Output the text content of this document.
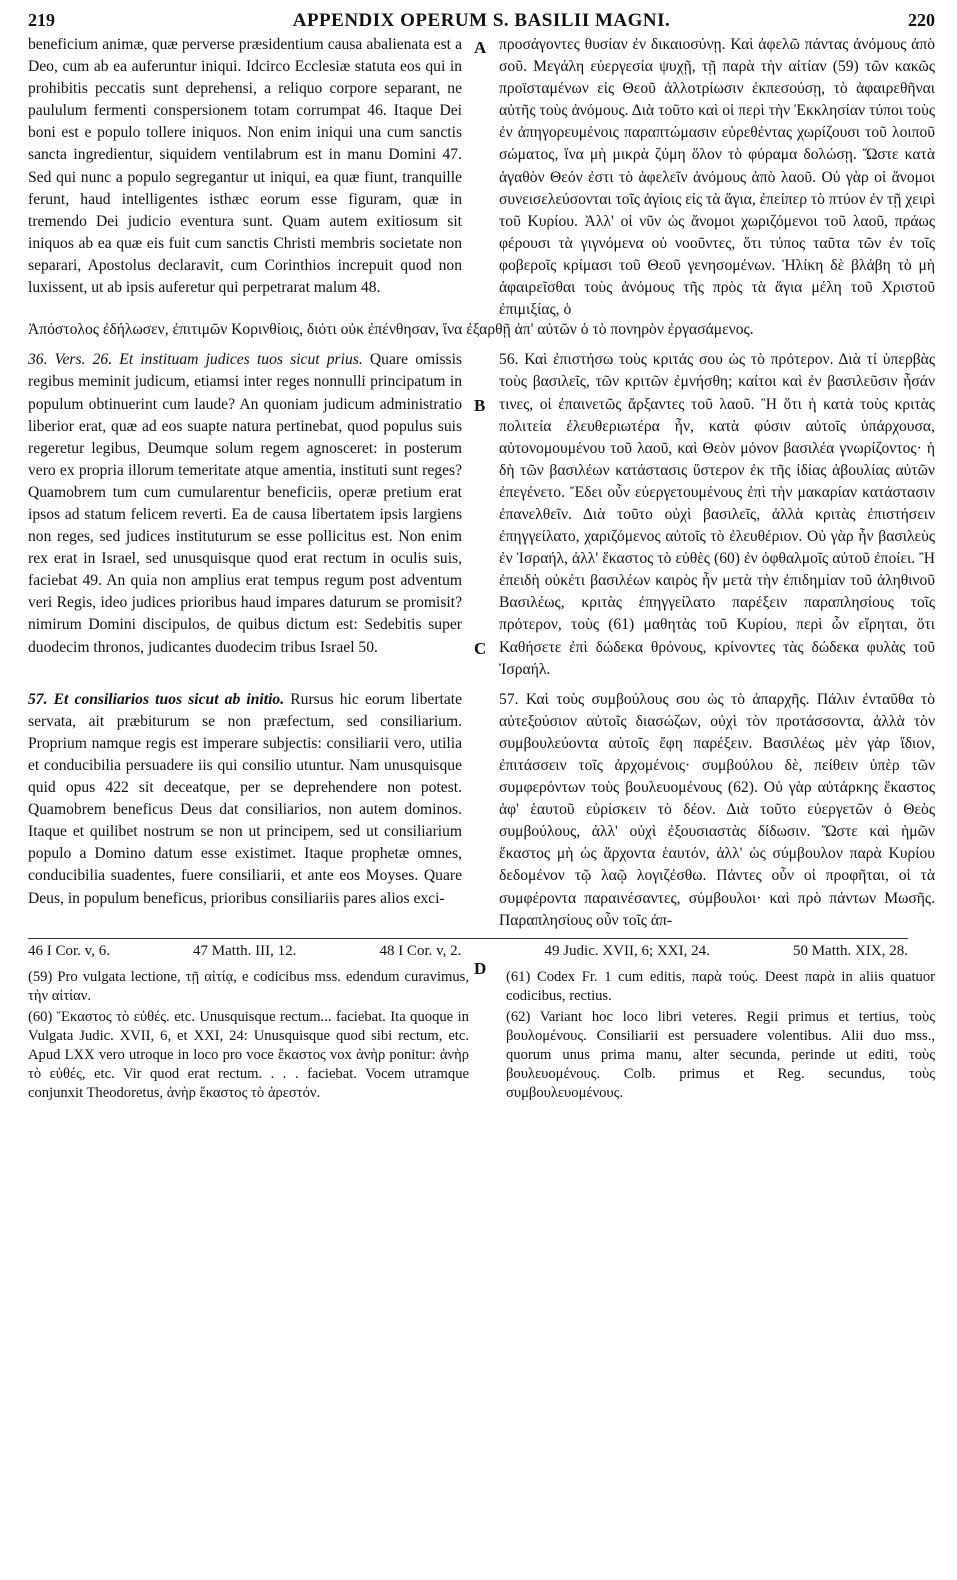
219	APPENDIX OPERUM S. BASILII MAGNI.	220
A
B

beneficium animæ, quæ perverse præsidentium causa abalienata est a Deo, cum ab ea auferuntur iniqui. Idcirco Ecclesiæ statuta eos qui in prohibitis peccatis sunt deprehensi, a reliquo corpore separant, ne paululum fermenti conspersionem totam corrumpat 46. Itaque Dei boni est e populo tollere iniquos. Non enim iniqui una cum sanctis sancta ingredientur, siquidem ventilabrum est in manu Domini 47. Sed qui nunc a populo segregantur ut iniqui, ea quæ fiunt, tranquille ferunt, haud intelligentes isthæc eorum esse figuram, quæ in tremendo Dei judicio eventura sunt. Quam autem exitiosum sit iniquos ab ea quæ eis fuit cum sanctis Christi membris societate non separari, Apostolus declaravit, cum Corinthios increpuit quod non luxissent, ut ab ipsis auferetur qui perpetrarat malum 48.

προσάγοντες θυσίαν ἐν δικαιοσύνῃ. Καὶ ἀφελῶ πάντας ἀνόμους ἀπὸ σοῦ. Μεγάλη εὐεργεσία ψυχῇ, τῇ παρὰ τὴν αἰτίαν (59) τῶν κακῶς προϊσταμένων εἰς Θεοῦ ἀλλοτρίωσιν ἐκπεσούσῃ, τὸ ἀφαιρεθῆναι αὐτῆς τοὺς ἀνόμους. Διὰ τοῦτο καὶ οἱ περὶ τὴν Ἐκκλησίαν τύποι τοὺς ἐν ἀπηγορευμένοις παραπτώμασιν εὑρεθέντας χωρίζουσι τοῦ λοιποῦ σώματος, ἵνα μὴ μικρὰ ζύμη ὅλον τὸ φύραμα δολώσῃ. Ὥστε κατὰ ἀγαθὸν Θεόν ἐστι τὸ ἀφελεῖν ἀνόμους ἀπὸ λαοῦ. Οὐ γὰρ οἱ ἄνομοι συνεισελεύσονται τοῖς ἁγίοις εἰς τὰ ἅγια, ἐπείπερ τὸ πτύον ἐν τῇ χειρὶ τοῦ Κυρίου. Ἀλλ' οἱ νῦν ὡς ἄνομοι χωριζόμενοι τοῦ λαοῦ, πράως φέρουσι τὰ γιγνόμενα οὐ νοοῦντες, ὅτι τύπος ταῦτα τῶν ἐν τοῖς φοβεροῖς κρίμασι τοῦ Θεοῦ γενησομένων. Ἡλίκη δὲ βλάβη τὸ μὴ ἀφαιρεῖσθαι τοὺς ἀνόμους τῆς πρὸς τὰ ἅγια μέλη τοῦ Χριστοῦ ἐπιμιξίας, ὁ

Ἀπόστολος ἐδήλωσεν, ἐπιτιμῶν Κορινθίοις, διότι οὐκ ἐπένθησαν, ἵνα ἐξαρθῇ ἀπ' αὐτῶν ὁ τὸ πονηρὸν ἐργασάμενος.
C

36. Vers. 26. Et instituam judices tuos sicut prius. Quare omissis regibus meminit judicum, etiamsi inter reges nonnulli principatum in populum obtinuerint cum laude? An quoniam judicum administratio liberior erat, quæ ad eos suapte natura pertinebat, quod populus suis regeretur legibus, Deumque solum regem agnosceret: in posterum vero ex propria illorum temeritate atque amentia, instituti sunt reges? Quamobrem tum cum cumularentur beneficiis, operæ pretium erat ipsos ad statum felicem reverti. Ea de causa libertatem ipsis largiens non reges, sed judices instituturum se esse pollicitus est. Non enim rex erat in Israel, sed unusquisque quod erat rectum in oculis suis, faciebat 49. An quia non amplius erat tempus regum post adventum veri Regis, ideo judices prioribus haud impares daturum se promisit? nimirum Domini discipulos, de quibus dictum est: Sedebitis super duodecim thronos, judicantes duodecim tribus Israel 50.

56. Καὶ ἐπιστήσω τοὺς κριτάς σου ὡς τὸ πρότερον. Διὰ τί ὑπερβὰς τοὺς βασιλεῖς, τῶν κριτῶν ἐμνήσθη; καίτοι καὶ ἐν βασιλεῦσιν ἦσάν τινες, οἱ ἐπαινετῶς ἄρξαντες τοῦ λαοῦ. Ἢ ὅτι ἡ κατὰ τοὺς κριτὰς πολιτεία ἐλευθεριωτέρα ἦν, κατὰ φύσιν αὐτοῖς ὑπάρχουσα, αὐτονομουμένου τοῦ λαοῦ, καὶ Θεὸν μόνον βασιλέα γνωρίζοντος· ἡ δὴ τῶν βασιλέων κατάστασις ὕστερον ἐκ τῆς ἰδίας ἀβουλίας αὐτῶν ἐπεγένετο. Ἔδει οὖν εὐεργετουμένους ἐπὶ τὴν μακαρίαν κατάστασιν ἐπανελθεῖν. Διὰ τοῦτο οὐχὶ βασιλεῖς, ἀλλὰ κριτὰς ἐπιστήσειν ἐπηγγείλατο, χαριζόμενος αὐτοῖς τὸ ἐλευθέριον. Οὐ γὰρ ἦν βασιλεὺς ἐν Ἰσραήλ, ἀλλ' ἕκαστος τὸ εὐθὲς (60) ἐν ὀφθαλμοῖς αὐτοῦ ἐποίει. Ἢ ἐπειδὴ οὐκέτι βασιλέων καιρὸς ἦν μετὰ τὴν ἐπιδημίαν τοῦ ἀληθινοῦ Βασιλέως, κριτὰς ἐπηγγείλατο παρέξειν παραπλησίους τοῖς πρότερον, τοὺς (61) μαθητὰς τοῦ Κυρίου, περὶ ὧν εἴρηται, ὅτι Καθήσετε ἐπὶ δώδεκα θρόνους, κρίνοντες τὰς δώδεκα φυλὰς τοῦ Ἰσραήλ.

D

57. Et consiliarios tuos sicut ab initio. Rursus hic eorum libertate servata, ait præbiturum se non præfectum, sed consiliarium. Proprium namque regis est imperare subjectis: consiliarii vero, utilia et conducibilia persuadere iis qui consilio utuntur. Nam unusquisque quid opus 422 sit deceatque, per se deprehendere non potest. Quamobrem beneficus Deus dat consiliarios, non autem dominos. Itaque et quilibet nostrum se non ut principem, sed ut consiliarium populo a Domino datum esse existimet. Itaque prophetæ omnes, conducibilia suadentes, fuere consiliarii, et ante eos Moyses. Quare Deus, in populum beneficus, prioribus consiliariis pares alios exci-

57. Καὶ τοὺς συμβούλους σου ὡς τὸ ἀπαρχῆς. Πάλιν ἐνταῦθα τὸ αὐτεξούσιον αὐτοῖς διασώζων, οὐχὶ τὸν προτάσσοντα, ἀλλὰ τὸν συμβουλεύοντα αὐτοῖς ἔφη παρέξειν. Βασιλέως μὲν γὰρ ἴδιον, ἐπιτάσσειν τοῖς ἀρχομένοις· συμβούλου δὲ, πείθειν ὑπὲρ τῶν συμφερόντων τοὺς βουλευομένους (62). Οὐ γὰρ αὐτάρκης ἕκαστος ἀφ' ἑαυτοῦ εὑρίσκειν τὸ δέον. Διὰ τοῦτο εὐεργετῶν ὁ Θεὸς συμβούλους, ἀλλ' οὐχὶ ἐξουσιαστὰς δίδωσιν. Ὥστε καὶ ἡμῶν ἕκαστος μὴ ὡς ἄρχοντα ἑαυτόν, ἀλλ' ὡς σύμβουλον παρὰ Κυρίου δεδομένον τῷ λαῷ λογιζέσθω. Πάντες οὖν οἱ προφῆται, οἱ τὰ συμφέροντα παραινέσαντες, σύμβουλοι· καὶ πρὸ πάντων Μωσῆς. Παραπλησίους οὖν τοῖς ἀπ-

46 I Cor. v, 6.	47 Matth. III, 12.	48 I Cor. v, 2.	49 Judic. XVII, 6; XXI, 24.	50 Matth. XIX, 28.

(59) Pro vulgata lectione, τῇ αἰτίᾳ, e codicibus mss. edendum curavimus, τὴν αἰτίαν.

(60) Ἕκαστος τὸ εὐθές. etc. Unusquisque rectum... faciebat. Ita quoque in Vulgata Judic. XVII, 6, et XXI, 24: Unusquisque quod sibi rectum, etc. Apud LXX vero utroque in loco pro voce ἕκαστος vox ἀνὴρ ponitur: ἀνὴρ τὸ εὐθές, etc. Vir quod erat rectum. . . . faciebat. Vocem utramque conjunxit Theodoretus, ἀνὴρ ἕκαστος τὸ ἀρεστόν.

(61) Codex Fr. 1 cum editis, παρὰ τούς. Deest παρὰ in aliis quatuor codicibus, rectius.

(62) Variant hoc loco libri veteres. Regii primus et tertius, τοὺς βουλομένους. Consiliarii est persuadere volentibus. Alii duo mss., quorum unus prima manu, alter secunda, perinde ut editi, τοὺς βουλευομένους. Colb. primus et Reg. secundus, τοὺς συμβουλευομένους.
